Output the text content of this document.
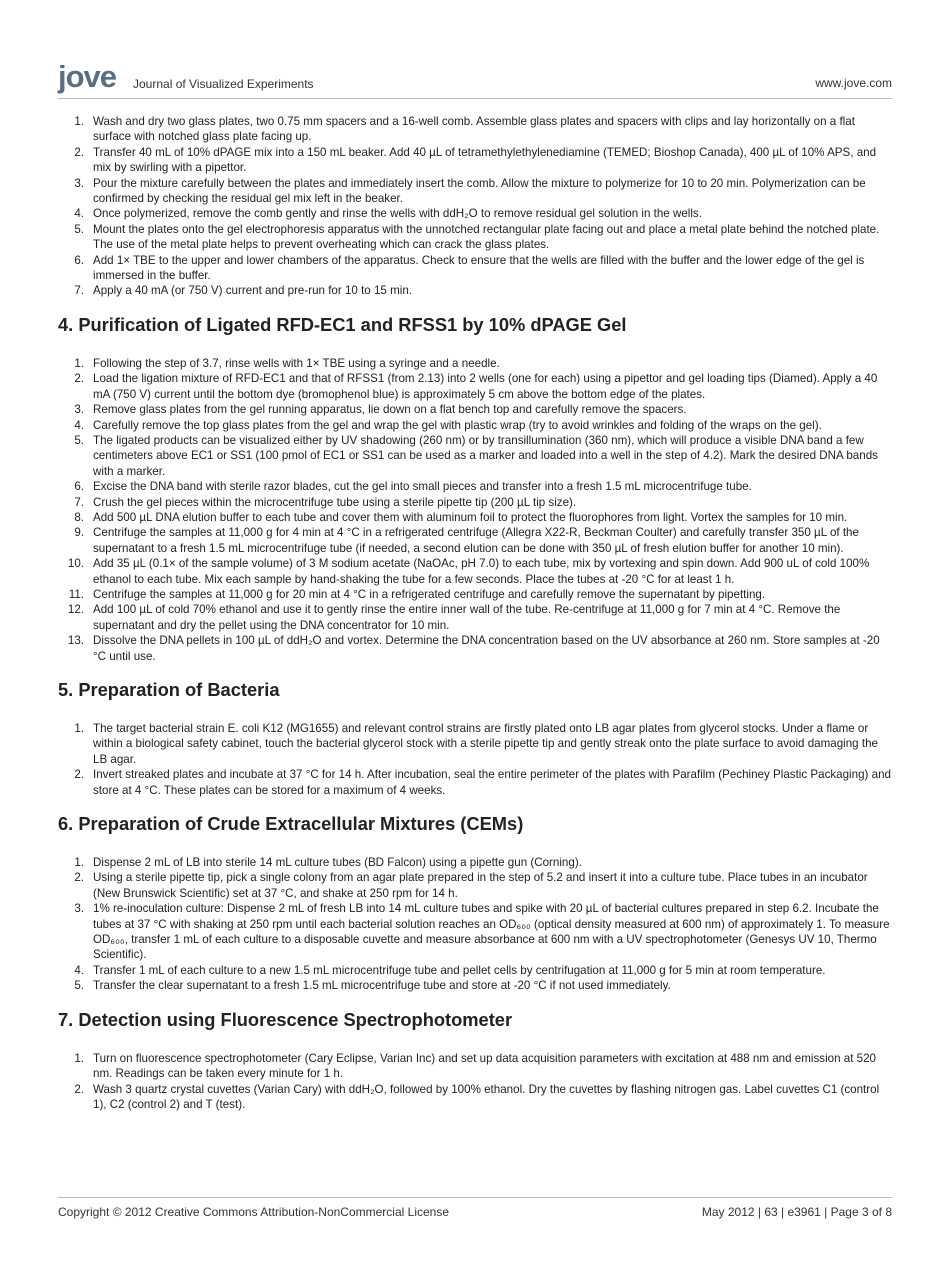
jove Journal of Visualized Experiments	www.jove.com
1. Wash and dry two glass plates, two 0.75 mm spacers and a 16-well comb. Assemble glass plates and spacers with clips and lay horizontally on a flat surface with notched glass plate facing up.
2. Transfer 40 mL of 10% dPAGE mix into a 150 mL beaker. Add 40 µL of tetramethylethylenediamine (TEMED; Bioshop Canada), 400 µL of 10% APS, and mix by swirling with a pipettor.
3. Pour the mixture carefully between the plates and immediately insert the comb. Allow the mixture to polymerize for 10 to 20 min. Polymerization can be confirmed by checking the residual gel mix left in the beaker.
4. Once polymerized, remove the comb gently and rinse the wells with ddH₂O to remove residual gel solution in the wells.
5. Mount the plates onto the gel electrophoresis apparatus with the unnotched rectangular plate facing out and place a metal plate behind the notched plate. The use of the metal plate helps to prevent overheating which can crack the glass plates.
6. Add 1× TBE to the upper and lower chambers of the apparatus. Check to ensure that the wells are filled with the buffer and the lower edge of the gel is immersed in the buffer.
7. Apply a 40 mA (or 750 V) current and pre-run for 10 to 15 min.
4. Purification of Ligated RFD-EC1 and RFSS1 by 10% dPAGE Gel
1. Following the step of 3.7, rinse wells with 1× TBE using a syringe and a needle.
2. Load the ligation mixture of RFD-EC1 and that of RFSS1 (from 2.13) into 2 wells (one for each) using a pipettor and gel loading tips (Diamed). Apply a 40 mA (750 V) current until the bottom dye (bromophenol blue) is approximately 5 cm above the bottom edge of the plates.
3. Remove glass plates from the gel running apparatus, lie down on a flat bench top and carefully remove the spacers.
4. Carefully remove the top glass plates from the gel and wrap the gel with plastic wrap (try to avoid wrinkles and folding of the wraps on the gel).
5. The ligated products can be visualized either by UV shadowing (260 nm) or by transillumination (360 nm), which will produce a visible DNA band a few centimeters above EC1 or SS1 (100 pmol of EC1 or SS1 can be used as a marker and loaded into a well in the step of 4.2). Mark the desired DNA bands with a marker.
6. Excise the DNA band with sterile razor blades, cut the gel into small pieces and transfer into a fresh 1.5 mL microcentrifuge tube.
7. Crush the gel pieces within the microcentrifuge tube using a sterile pipette tip (200 µL tip size).
8. Add 500 µL DNA elution buffer to each tube and cover them with aluminum foil to protect the fluorophores from light. Vortex the samples for 10 min.
9. Centrifuge the samples at 11,000 g for 4 min at 4 °C in a refrigerated centrifuge (Allegra X22-R, Beckman Coulter) and carefully transfer 350 µL of the supernatant to a fresh 1.5 mL microcentrifuge tube (if needed, a second elution can be done with 350 µL of fresh elution buffer for another 10 min).
10. Add 35 µL (0.1× of the sample volume) of 3 M sodium acetate (NaOAc, pH 7.0) to each tube, mix by vortexing and spin down. Add 900 uL of cold 100% ethanol to each tube. Mix each sample by hand-shaking the tube for a few seconds. Place the tubes at -20 °C for at least 1 h.
11. Centrifuge the samples at 11,000 g for 20 min at 4 °C in a refrigerated centrifuge and carefully remove the supernatant by pipetting.
12. Add 100 µL of cold 70% ethanol and use it to gently rinse the entire inner wall of the tube. Re-centrifuge at 11,000 g for 7 min at 4 °C. Remove the supernatant and dry the pellet using the DNA concentrator for 10 min.
13. Dissolve the DNA pellets in 100 µL of ddH₂O and vortex. Determine the DNA concentration based on the UV absorbance at 260 nm. Store samples at -20 °C until use.
5. Preparation of Bacteria
1. The target bacterial strain E. coli K12 (MG1655) and relevant control strains are firstly plated onto LB agar plates from glycerol stocks. Under a flame or within a biological safety cabinet, touch the bacterial glycerol stock with a sterile pipette tip and gently streak onto the plate surface to avoid damaging the LB agar.
2. Invert streaked plates and incubate at 37 °C for 14 h. After incubation, seal the entire perimeter of the plates with Parafilm (Pechiney Plastic Packaging) and store at 4 °C. These plates can be stored for a maximum of 4 weeks.
6. Preparation of Crude Extracellular Mixtures (CEMs)
1. Dispense 2 mL of LB into sterile 14 mL culture tubes (BD Falcon) using a pipette gun (Corning).
2. Using a sterile pipette tip, pick a single colony from an agar plate prepared in the step of 5.2 and insert it into a culture tube. Place tubes in an incubator (New Brunswick Scientific) set at 37 °C, and shake at 250 rpm for 14 h.
3. 1% re-inoculation culture: Dispense 2 mL of fresh LB into 14 mL culture tubes and spike with 20 µL of bacterial cultures prepared in step 6.2. Incubate the tubes at 37 °C with shaking at 250 rpm until each bacterial solution reaches an OD₆₀₀ (optical density measured at 600 nm) of approximately 1. To measure OD₆₀₀, transfer 1 mL of each culture to a disposable cuvette and measure absorbance at 600 nm with a UV spectrophotometer (Genesys UV 10, Thermo Scientific).
4. Transfer 1 mL of each culture to a new 1.5 mL microcentrifuge tube and pellet cells by centrifugation at 11,000 g for 5 min at room temperature.
5. Transfer the clear supernatant to a fresh 1.5 mL microcentrifuge tube and store at -20 °C if not used immediately.
7. Detection using Fluorescence Spectrophotometer
1. Turn on fluorescence spectrophotometer (Cary Eclipse, Varian Inc) and set up data acquisition parameters with excitation at 488 nm and emission at 520 nm. Readings can be taken every minute for 1 h.
2. Wash 3 quartz crystal cuvettes (Varian Cary) with ddH₂O, followed by 100% ethanol. Dry the cuvettes by flashing nitrogen gas. Label cuvettes C1 (control 1), C2 (control 2) and T (test).
Copyright © 2012 Creative Commons Attribution-NonCommercial License	May 2012 | 63 | e3961 | Page 3 of 8
